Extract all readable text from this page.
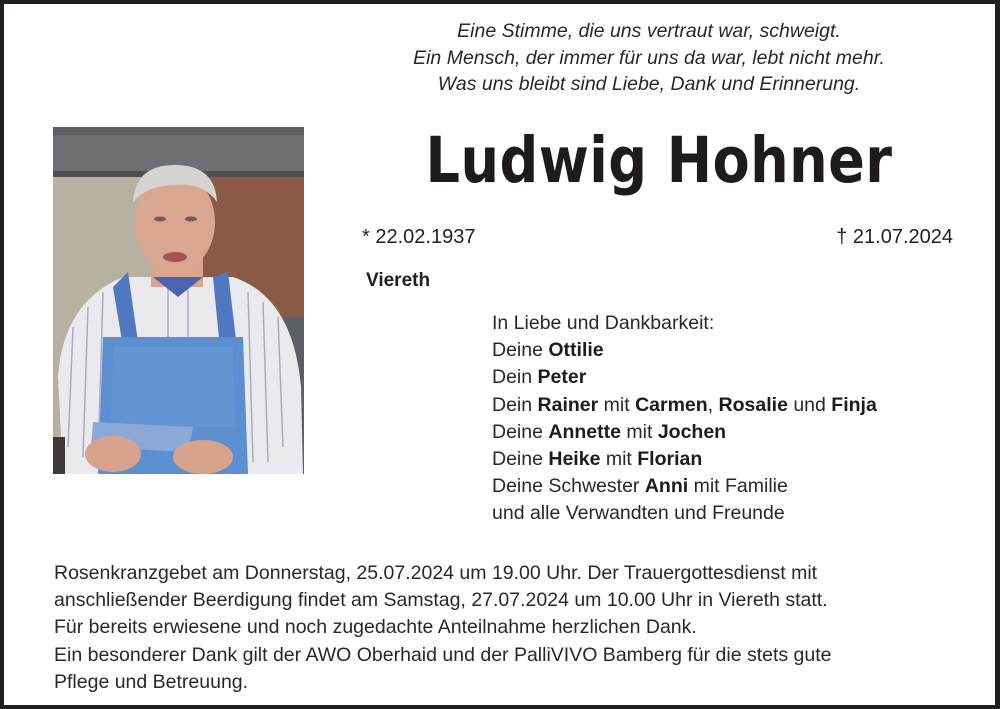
Eine Stimme, die uns vertraut war, schweigt.
Ein Mensch, der immer für uns da war, lebt nicht mehr.
Was uns bleibt sind Liebe, Dank und Erinnerung.
Ludwig Hohner
* 22.02.1937	† 21.07.2024
Viereth
In Liebe und Dankbarkeit:
Deine Ottilie
Dein Peter
Dein Rainer mit Carmen, Rosalie und Finja
Deine Annette mit Jochen
Deine Heike mit Florian
Deine Schwester Anni mit Familie
und alle Verwandten und Freunde
Rosenkranzgebet am Donnerstag, 25.07.2024 um 19.00 Uhr. Der Trauergottesdienst mit
anschließender Beerdigung findet am Samstag, 27.07.2024 um 10.00 Uhr in Viereth statt.
Für bereits erwiesene und noch zugedachte Anteilnahme herzlichen Dank.
Ein besonderer Dank gilt der AWO Oberhaid und der PalliVIVO Bamberg für die stets gute
Pflege und Betreuung.
